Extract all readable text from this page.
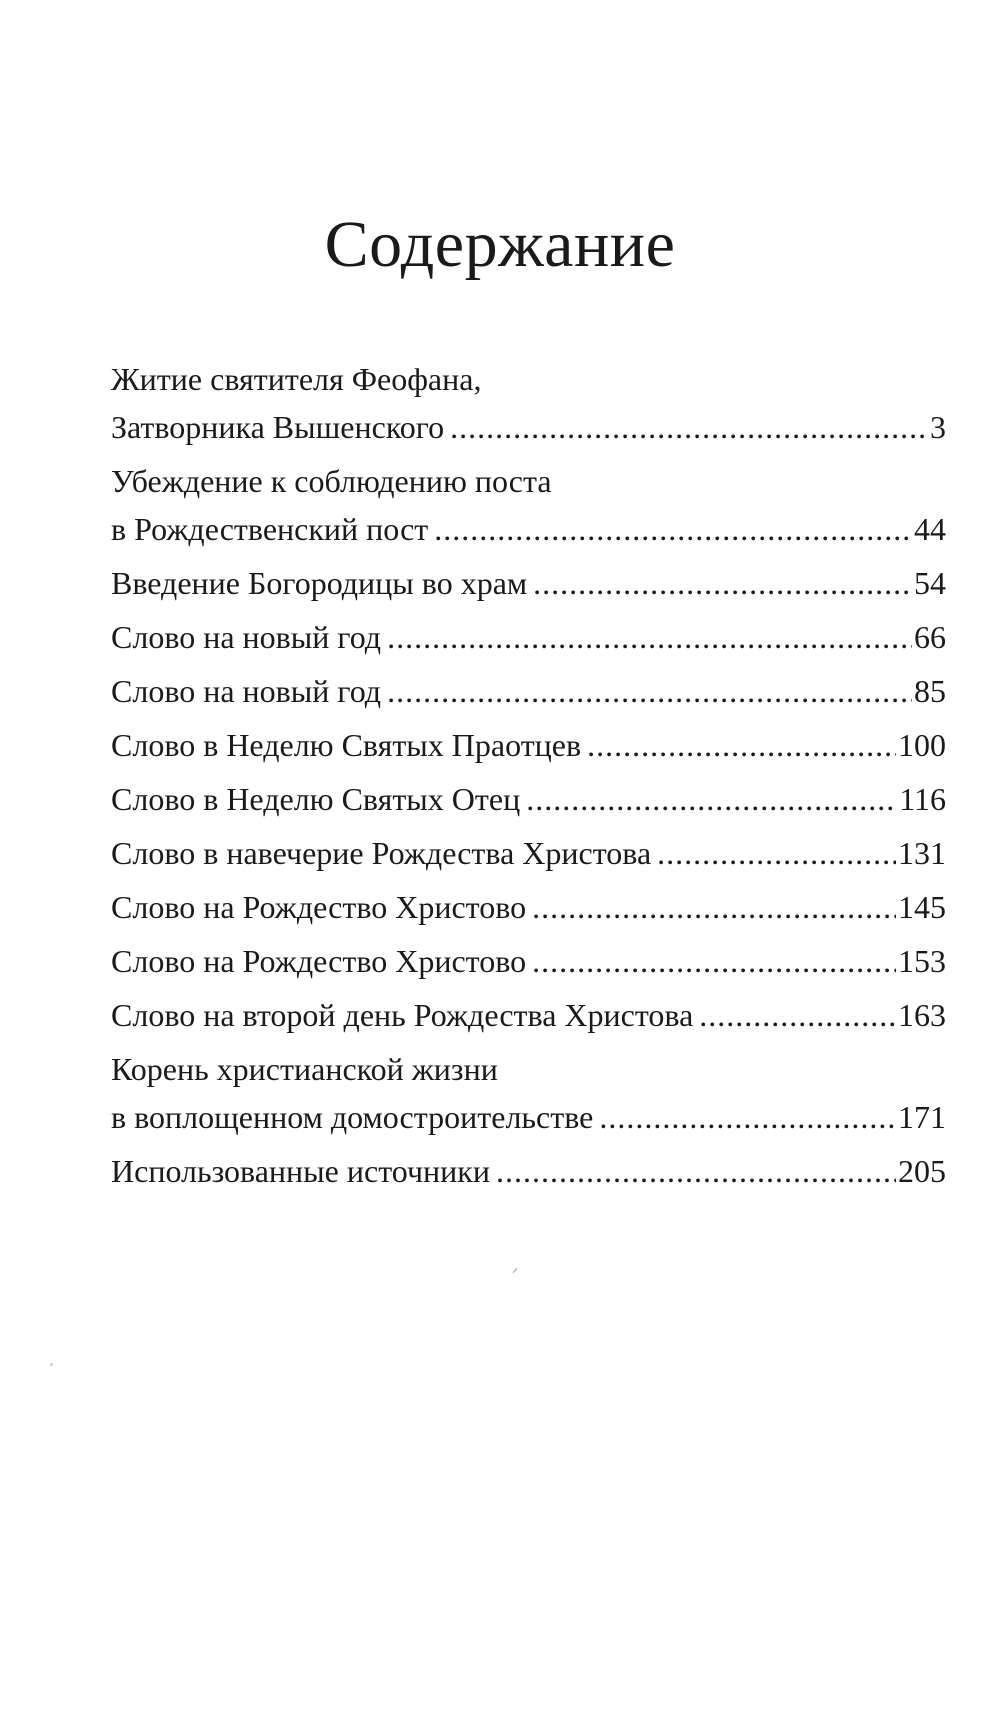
Содержание
Житие святителя Феофана,
Затворника Вышенского .....	3
Убеждение к соблюдению поста
в Рождественский пост .....	44
Введение Богородицы во храм .....	54
Слово на новый год .....	66
Слово на новый год .....	85
Слово в Неделю Святых Праотцев .....	100
Слово в Неделю Святых Отец .....	116
Слово в навечерие Рождества Христова .....	131
Слово на Рождество Христово .....	145
Слово на Рождество Христово .....	153
Слово на второй день Рождества Христова .....	163
Корень христианской жизни
в воплощенном домостроительстве .....	171
Использованные источники .....	205
